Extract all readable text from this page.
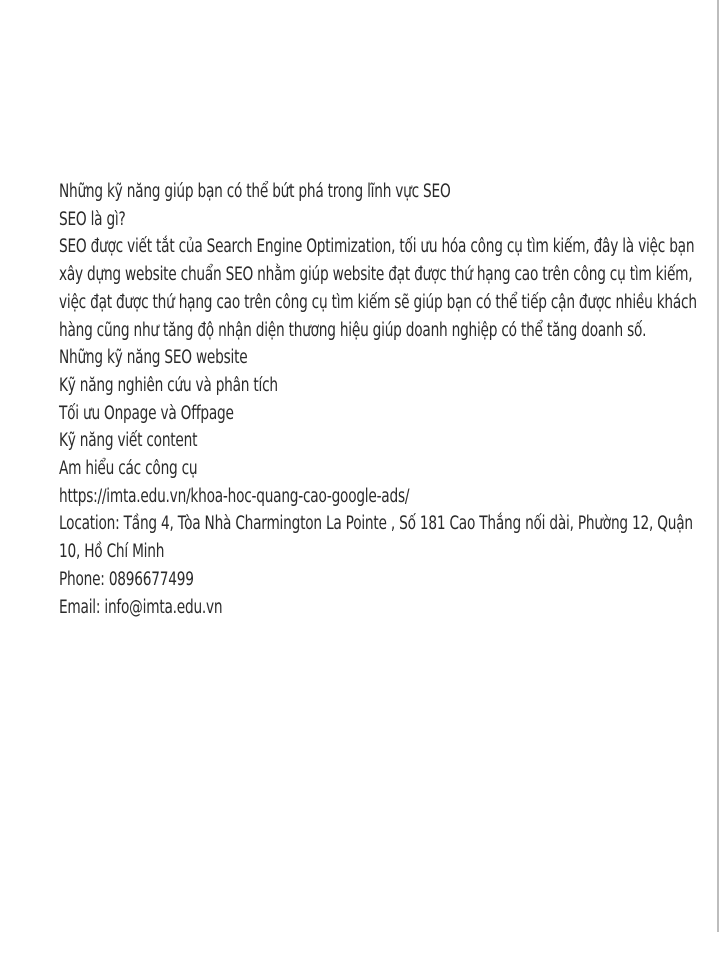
Những kỹ năng giúp bạn có thể bứt phá trong lĩnh vực SEO
SEO là gì?
SEO được viết tắt của Search Engine Optimization, tối ưu hóa công cụ tìm kiếm, đây là việc bạn xây dựng website chuẩn SEO nhằm giúp website đạt được thứ hạng cao trên công cụ tìm kiếm, việc đạt được thứ hạng cao trên công cụ tìm kiếm sẽ giúp bạn có thể tiếp cận được nhiều khách hàng cũng như tăng độ nhận diện thương hiệu giúp doanh nghiệp có thể tăng doanh số.
Những kỹ năng SEO website
Kỹ năng nghiên cứu và phân tích
Tối ưu Onpage và Offpage
Kỹ năng viết content
Am hiểu các công cụ
https://imta.edu.vn/khoa-hoc-quang-cao-google-ads/
Location: Tầng 4, Tòa Nhà Charmington La Pointe , Số 181 Cao Thắng nối dài, Phường 12, Quận 10, Hồ Chí Minh
Phone: 0896677499
Email: info@imta.edu.vn
